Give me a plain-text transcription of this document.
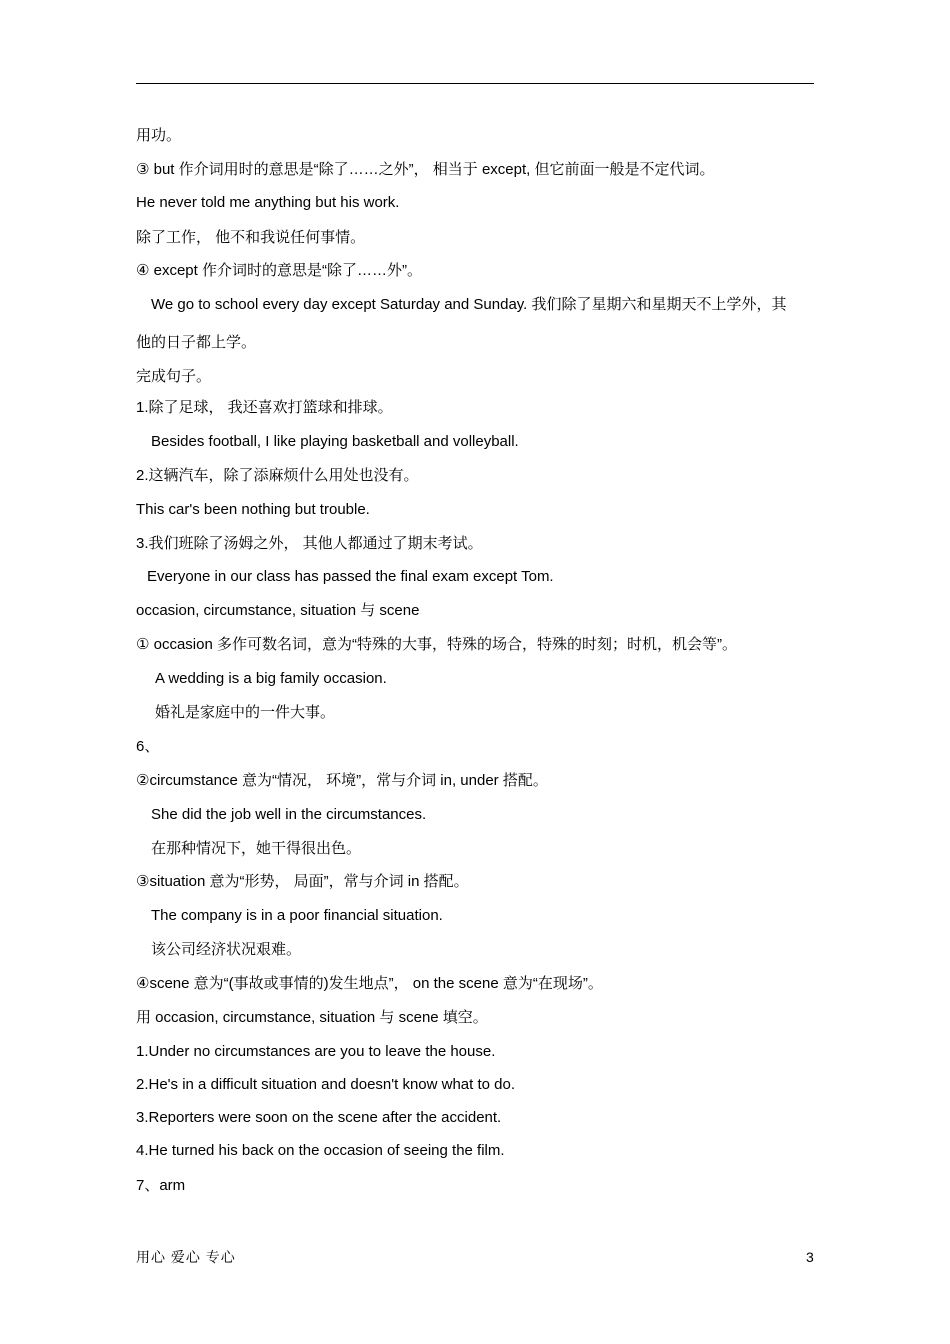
用功。
③ but 作介词用时的意思是“除了……之外”， 相当于 except, 但它前面一般是不定代词。
He never told me anything but his work.
除了工作， 他不和我说任何事情。
④ except 作介词时的意思是“除了……外”。
We go to school every day except Saturday and Sunday. 我们除了星期六和星期天不上学外，其
他的日子都上学。
完成句子。
1.除了足球， 我还喜欢打篮球和排球。
Besides football, I like playing basketball and volleyball.
2.这辆汽车，除了添麻烦什么用处也没有。
This car's been nothing but trouble.
3.我们班除了汤姆之外， 其他人都通过了期末考试。
Everyone in our class has passed the final exam except Tom.
occasion, circumstance, situation 与 scene
① occasion 多作可数名词，意为“特殊的大事，特殊的场合，特殊的时刻；时机，机会等”。
A wedding is a big family occasion.
婚礼是家庭中的一件大事。
6、
②circumstance 意为“情况， 环境”，常与介词 in, under 搭配。
She did the job well in the circumstances.
在那种情况下，她干得很出色。
③situation 意为“形势， 局面”，常与介词 in 搭配。
The company is in a poor financial situation.
该公司经济状况艰难。
④scene 意为“(事故或事情的)发生地点”， on the scene 意为“在现场”。
用 occasion, circumstance, situation 与 scene 填空。
1.Under no circumstances are you to leave the house.
2.He's in a difficult situation and doesn't know what to do.
3.Reporters were soon on the scene after the accident.
4.He turned his back on the occasion of seeing the film.
7、arm
用心 爱心 专心	3
